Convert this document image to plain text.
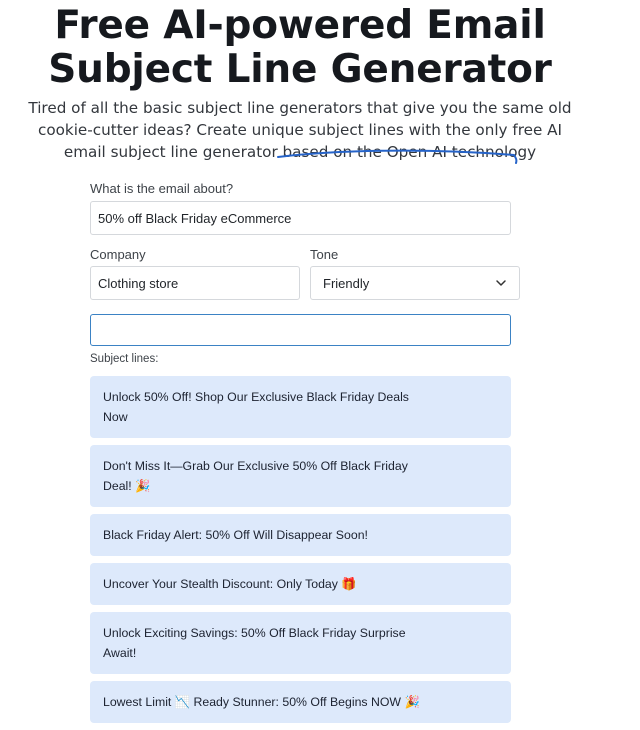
Free AI-powered Email
Subject Line Generator

Tired of all the basic subject line generators that give you the same old
cookie-cutter ideas? Create unique subject lines with the only free AI
email subject line generator based on the Open AI technology

What is the email about?
50% off Black Friday eCommerce
Company
Clothing store	Tone
Friendly
Subject lines:
Unlock 50% Off! Shop Our Exclusive Black Friday Deals Now
Don't Miss It—Grab Our Exclusive 50% Off Black Friday Deal! 🎉
Black Friday Alert: 50% Off Will Disappear Soon!
Uncover Your Stealth Discount: Only Today 🎁
Unlock Exciting Savings: 50% Off Black Friday Surprise Await!
Lowest Limit 📉 Ready Stunner: 50% Off Begins NOW 🎉
